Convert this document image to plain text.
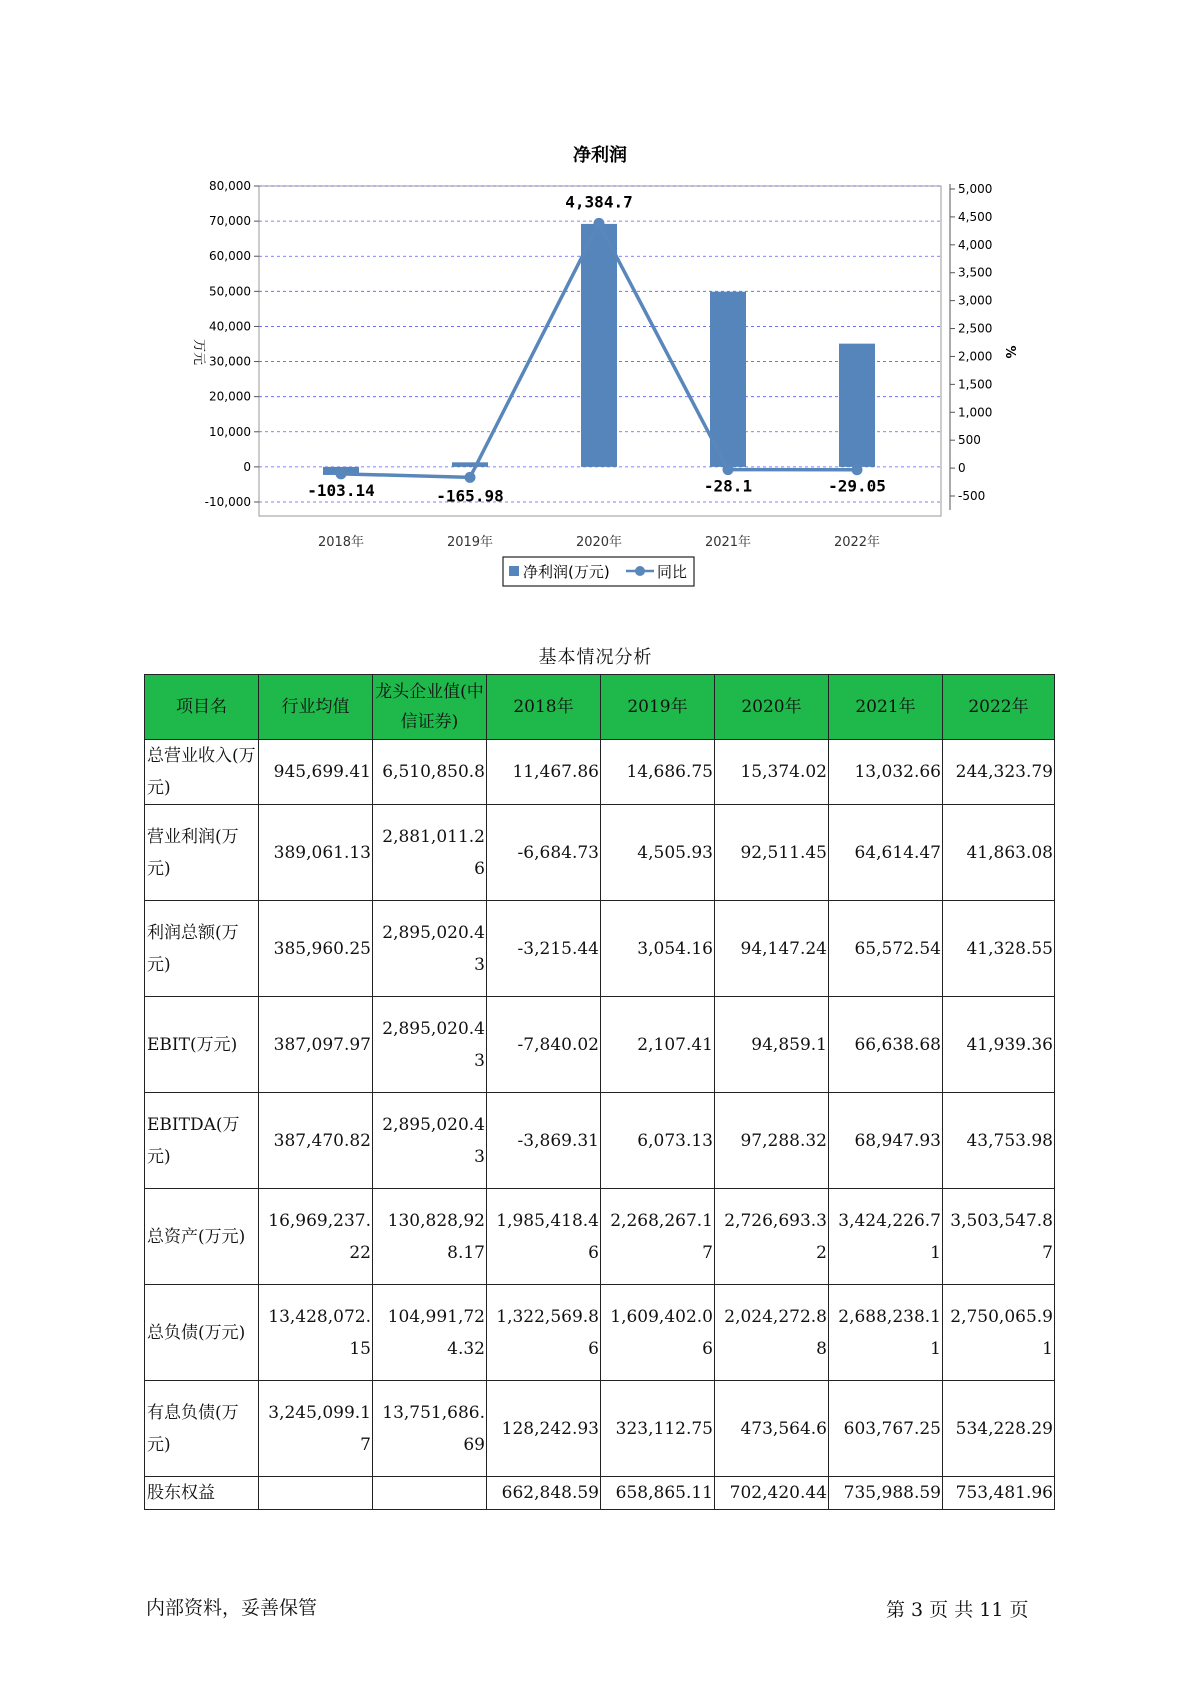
净利润
80,000
70,000
60,000
50,000
40,000
30,000
20,000
10,000
0
-10,000
5,000
4,500
4,000
3,500
3,000
2,500
2,000
1,500
1,000
500
0
-500
2018年	2019年	2020年	2021年	2022年
-103.14	-165.98
4,384.7
-28.1	-29.05
万元	%
净利润(万元)	同比
基本情况分析
项目名	行业均值	龙头企业值(中信证券)	2018年	2019年	2020年	2021年	2022年
总营业收入(万元)	945,699.41	6,510,850.8	11,467.86	14,686.75	15,374.02	13,032.66	244,323.79
营业利润(万元)	389,061.13	2,881,011.26	-6,684.73	4,505.93	92,511.45	64,614.47	41,863.08
利润总额(万元)	385,960.25	2,895,020.43	-3,215.44	3,054.16	94,147.24	65,572.54	41,328.55
EBIT(万元)	387,097.97	2,895,020.43	-7,840.02	2,107.41	94,859.1	66,638.68	41,939.36
EBITDA(万元)	387,470.82	2,895,020.43	-3,869.31	6,073.13	97,288.32	68,947.93	43,753.98
总资产(万元)	16,969,237.22	130,828,928.17	1,985,418.46	2,268,267.17	2,726,693.32	3,424,226.71	3,503,547.87
总负债(万元)	13,428,072.15	104,991,724.32	1,322,569.86	1,609,402.06	2,024,272.88	2,688,238.11	2,750,065.91
有息负债(万元)	3,245,099.17	13,751,686.69	128,242.93	323,112.75	473,564.6	603,767.25	534,228.29
股东权益			662,848.59	658,865.11	702,420.44	735,988.59	753,481.96
内部资料，妥善保管	第 3 页 共 11 页
